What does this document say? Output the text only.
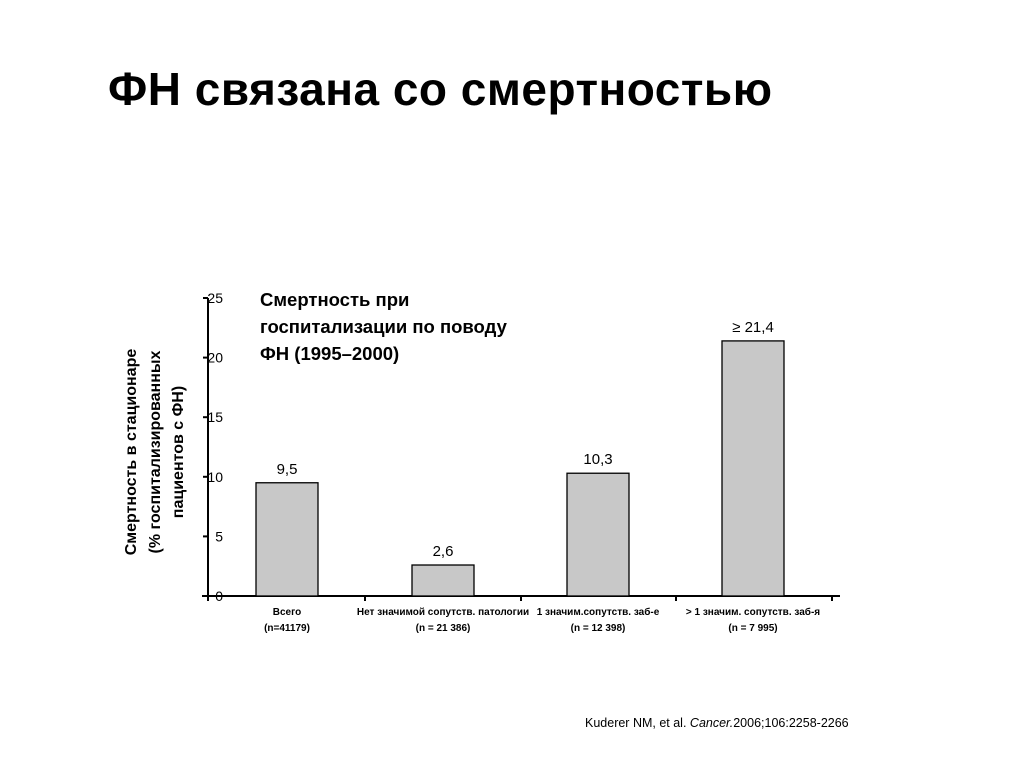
ФН связана со смертностью
0
5
10
15
20
25
9,5
2,6
10,3
≥ 21,4
Всего
(n=41179)
Нет значимой сопутств. патологии
(n = 21 386)
1 значим.сопутств. заб-е
(n = 12 398)
> 1 значим. сопутств. заб-я
(n = 7 995)
Смертность при
госпитализации по поводу
ФН (1995–2000)
Смертность в стационаре (% госпитализированных пациентов с ФН)
Kuderer NM, et al. Cancer.2006;106:2258-2266
